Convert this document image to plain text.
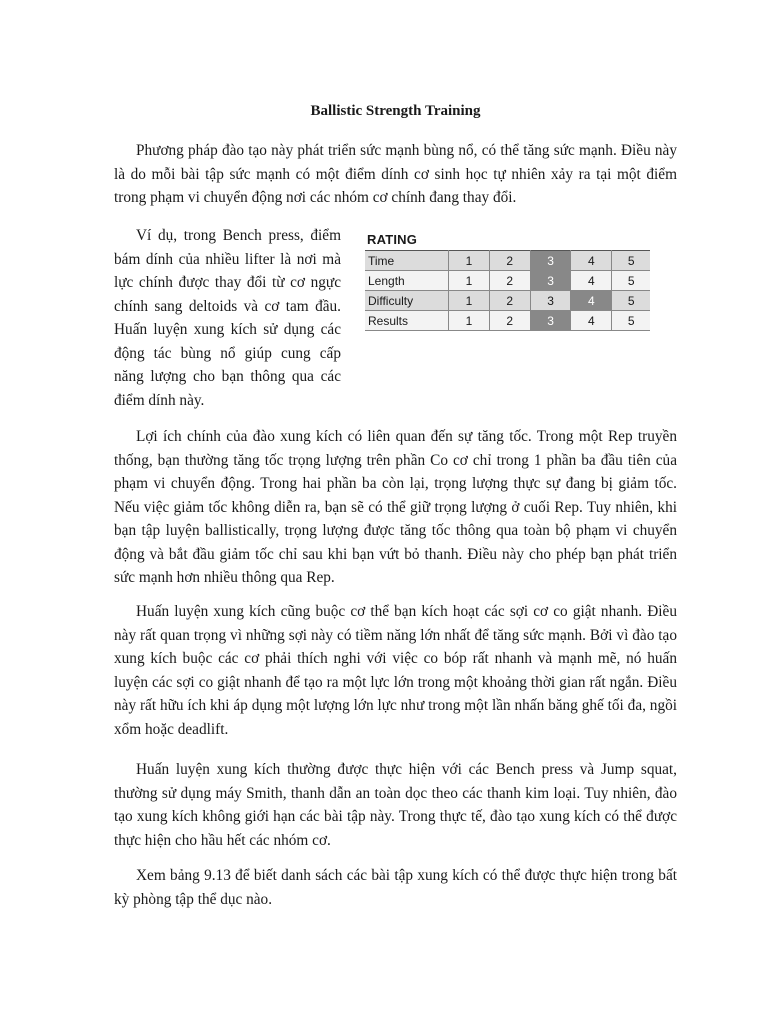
Ballistic Strength Training

Phương pháp đào tạo này phát triển sức mạnh bùng nổ, có thể tăng sức mạnh. Điều này là do mỗi bài tập sức mạnh có một điểm dính cơ sinh học tự nhiên xảy ra tại một điểm trong phạm vi chuyển động nơi các nhóm cơ chính đang thay đổi.

Ví dụ, trong Bench press, điểm bám dính của nhiều lifter là nơi mà lực chính được thay đổi từ cơ ngực chính sang deltoids và cơ tam đầu. Huấn luyện xung kích sử dụng các động tác bùng nổ giúp cung cấp năng lượng cho bạn thông qua các điểm dính này.

RATING
Time	1	2	3	4	5
Length	1	2	3	4	5
Difficulty	1	2	3	4	5
Results	1	2	3	4	5

Lợi ích chính của đào xung kích có liên quan đến sự tăng tốc. Trong một Rep truyền thống, bạn thường tăng tốc trọng lượng trên phần Co cơ chỉ trong 1 phần ba đầu tiên của phạm vi chuyển động. Trong hai phần ba còn lại, trọng lượng thực sự đang bị giảm tốc. Nếu việc giảm tốc không diễn ra, bạn sẽ có thể giữ trọng lượng ở cuối Rep. Tuy nhiên, khi bạn tập luyện ballistically, trọng lượng được tăng tốc thông qua toàn bộ phạm vi chuyển động và bắt đầu giảm tốc chỉ sau khi bạn vứt bỏ thanh. Điều này cho phép bạn phát triển sức mạnh hơn nhiều thông qua Rep.

Huấn luyện xung kích cũng buộc cơ thể bạn kích hoạt các sợi cơ co giật nhanh. Điều này rất quan trọng vì những sợi này có tiềm năng lớn nhất để tăng sức mạnh. Bởi vì đào tạo xung kích buộc các cơ phải thích nghi với việc co bóp rất nhanh và mạnh mẽ, nó huấn luyện các sợi co giật nhanh để tạo ra một lực lớn trong một khoảng thời gian rất ngắn. Điều này rất hữu ích khi áp dụng một lượng lớn lực như trong một lần nhấn băng ghế tối đa, ngồi xổm hoặc deadlift.

Huấn luyện xung kích thường được thực hiện với các Bench press và Jump squat, thường sử dụng máy Smith, thanh dẫn an toàn dọc theo các thanh kim loại. Tuy nhiên, đào tạo xung kích không giới hạn các bài tập này. Trong thực tế, đào tạo xung kích có thể được thực hiện cho hầu hết các nhóm cơ.

Xem bảng 9.13 để biết danh sách các bài tập xung kích có thể được thực hiện trong bất kỳ phòng tập thể dục nào.
